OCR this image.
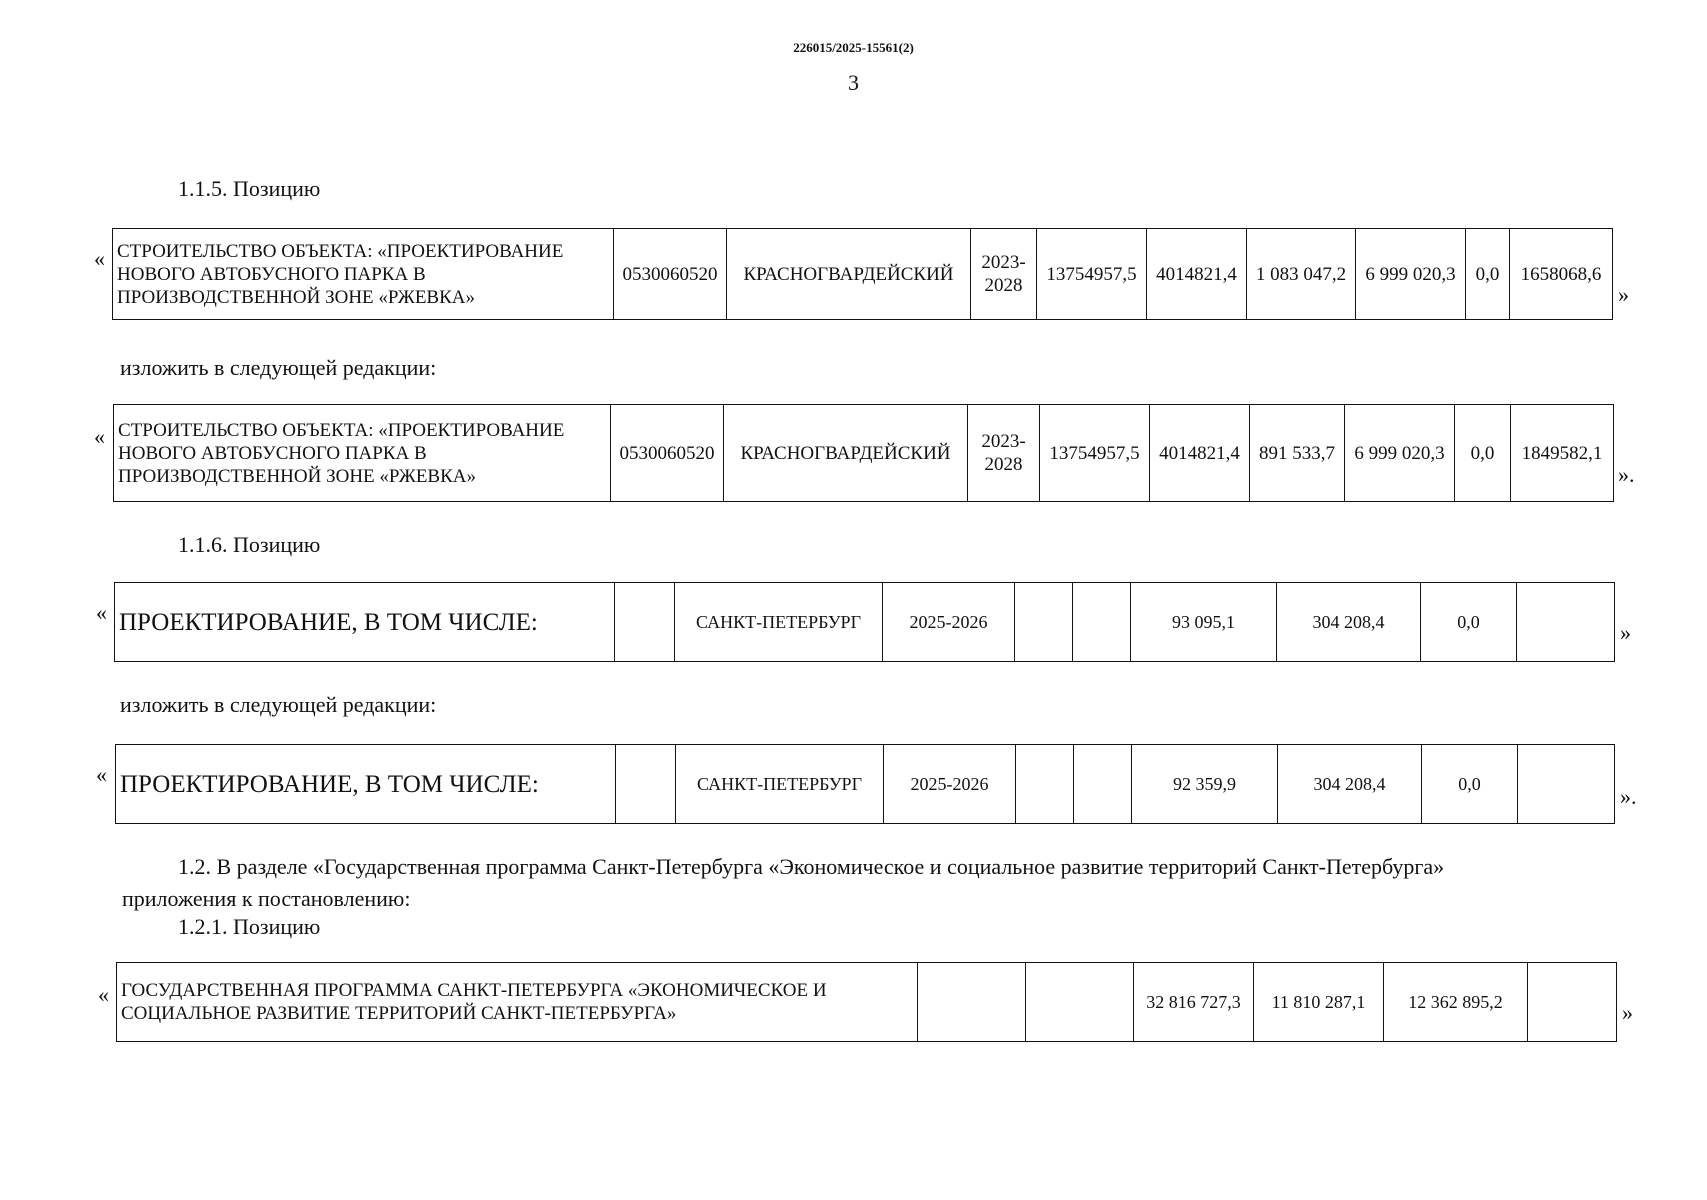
226015/2025-15561(2)
3
1.1.5. Позицию
« СТРОИТЕЛЬСТВО ОБЪЕКТА: «ПРОЕКТИРОВАНИЕ НОВОГО АВТОБУСНОГО ПАРКА В ПРОИЗВОДСТВЕННОЙ ЗОНЕ «РЖЕВКА»	0530060520	КРАСНОГВАРДЕЙСКИЙ	2023-2028	13754957,5	4014821,4	1 083 047,2	6 999 020,3	0,0	1658068,6
»
изложить в следующей редакции:
« СТРОИТЕЛЬСТВО ОБЪЕКТА: «ПРОЕКТИРОВАНИЕ НОВОГО АВТОБУСНОГО ПАРКА В ПРОИЗВОДСТВЕННОЙ ЗОНЕ «РЖЕВКА»	0530060520	КРАСНОГВАРДЕЙСКИЙ	2023-2028	13754957,5	4014821,4	891 533,7	6 999 020,3	0,0	1849582,1
».
1.1.6. Позицию
« ПРОЕКТИРОВАНИЕ, В ТОМ ЧИСЛЕ:		САНКТ-ПЕТЕРБУРГ	2025-2026			93 095,1	304 208,4	0,0		»
изложить в следующей редакции:
« ПРОЕКТИРОВАНИЕ, В ТОМ ЧИСЛЕ:		САНКТ-ПЕТЕРБУРГ	2025-2026			92 359,9	304 208,4	0,0	
».
1.2. В разделе «Государственная программа Санкт-Петербурга «Экономическое и социальное развитие территорий Санкт-Петербурга»
приложения к постановлению:
1.2.1. Позицию
« ГОСУДАРСТВЕННАЯ ПРОГРАММА САНКТ-ПЕТЕРБУРГА «ЭКОНОМИЧЕСКОЕ И СОЦИАЛЬНОЕ РАЗВИТИЕ ТЕРРИТОРИЙ САНКТ-ПЕТЕРБУРГА»			32 816 727,3	11 810 287,1	12 362 895,2		»
